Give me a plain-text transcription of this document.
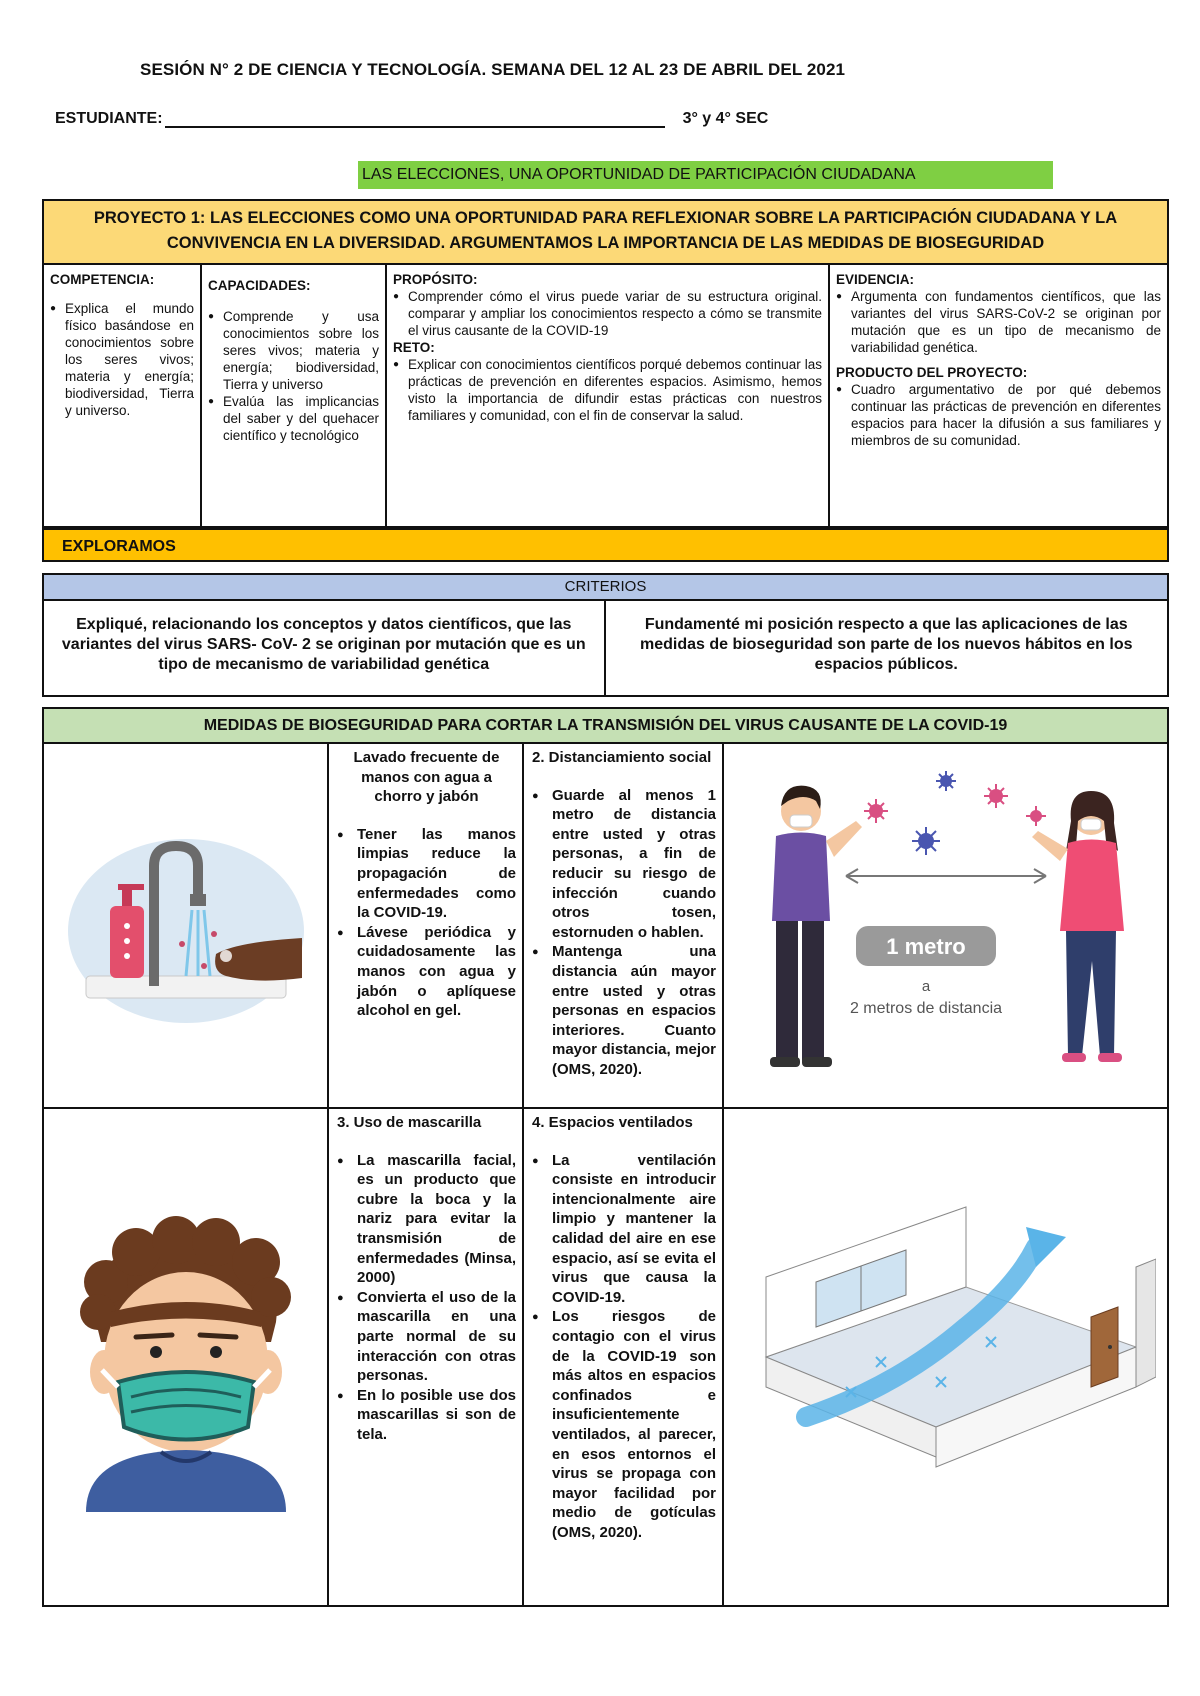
SESIÓN N° 2 DE CIENCIA Y TECNOLOGÍA. SEMANA DEL 12 AL 23 DE ABRIL DEL 2021
ESTUDIANTE:	3° y 4° SEC
LAS ELECCIONES, UNA OPORTUNIDAD DE PARTICIPACIÓN CIUDADANA
PROYECTO 1: LAS ELECCIONES COMO UNA OPORTUNIDAD PARA REFLEXIONAR SOBRE LA PARTICIPACIÓN CIUDADANA Y LA CONVIVENCIA EN LA DIVERSIDAD. ARGUMENTAMOS LA IMPORTANCIA DE LAS MEDIDAS DE BIOSEGURIDAD
COMPETENCIA:
● Explica el mundo físico basándose en conocimientos sobre los seres vivos; materia y energía; biodiversidad, Tierra y universo.
CAPACIDADES:
● Comprende y usa conocimientos sobre los seres vivos; materia y energía; biodiversidad, Tierra y universo
● Evalúa las implicancias del saber y del quehacer científico y tecnológico
PROPÓSITO:
● Comprender cómo el virus puede variar de su estructura original. comparar y ampliar los conocimientos respecto a cómo se transmite el virus causante de la COVID-19
RETO:
● Explicar con conocimientos científicos porqué debemos continuar las prácticas de prevención en diferentes espacios. Asimismo, hemos visto la importancia de difundir estas prácticas con nuestros familiares y comunidad, con el fin de conservar la salud.
EVIDENCIA:
● Argumenta con fundamentos científicos, que las variantes del virus SARS-CoV-2 se originan por mutación que es un tipo de mecanismo de variabilidad genética.
PRODUCTO DEL PROYECTO:
● Cuadro argumentativo de por qué debemos continuar las prácticas de prevención en diferentes espacios para hacer la difusión a sus familiares y miembros de su comunidad.
EXPLORAMOS
CRITERIOS
Expliqué, relacionando los conceptos y datos científicos, que las variantes del virus SARS- CoV- 2 se originan por mutación que es un tipo de mecanismo de variabilidad genética
Fundamenté mi posición respecto a que las aplicaciones de las medidas de bioseguridad son parte de los nuevos hábitos en los espacios públicos.
MEDIDAS DE BIOSEGURIDAD PARA CORTAR LA TRANSMISIÓN DEL VIRUS CAUSANTE DE LA COVID-19
Lavado frecuente de manos con agua a chorro y jabón
● Tener las manos limpias reduce la propagación de enfermedades como la COVID-19.
● Lávese periódica y cuidadosamente las manos con agua y jabón o aplíquese alcohol en gel.
2. Distanciamiento social
● Guarde al menos 1 metro de distancia entre usted y otras personas, a fin de reducir su riesgo de infección cuando otros tosen, estornuden o hablen.
● Mantenga una distancia aún mayor entre usted y otras personas en espacios interiores. Cuanto mayor distancia, mejor (OMS, 2020).
1 metro
a
2 metros de distancia
3. Uso de mascarilla
● La mascarilla facial, es un producto que cubre la boca y la nariz para evitar la transmisión de enfermedades (Minsa, 2000)
● Convierta el uso de la mascarilla en una parte normal de su interacción con otras personas.
● En lo posible use dos mascarillas si son de tela.
4. Espacios ventilados
● La ventilación consiste en introducir intencionalmente aire limpio y mantener la calidad del aire en ese espacio, así se evita el virus que causa la COVID-19.
● Los riesgos de contagio con el virus de la COVID-19 son más altos en espacios confinados e insuficientemente ventilados, al parecer, en esos entornos el virus se propaga con mayor facilidad por medio de gotículas (OMS, 2020).
